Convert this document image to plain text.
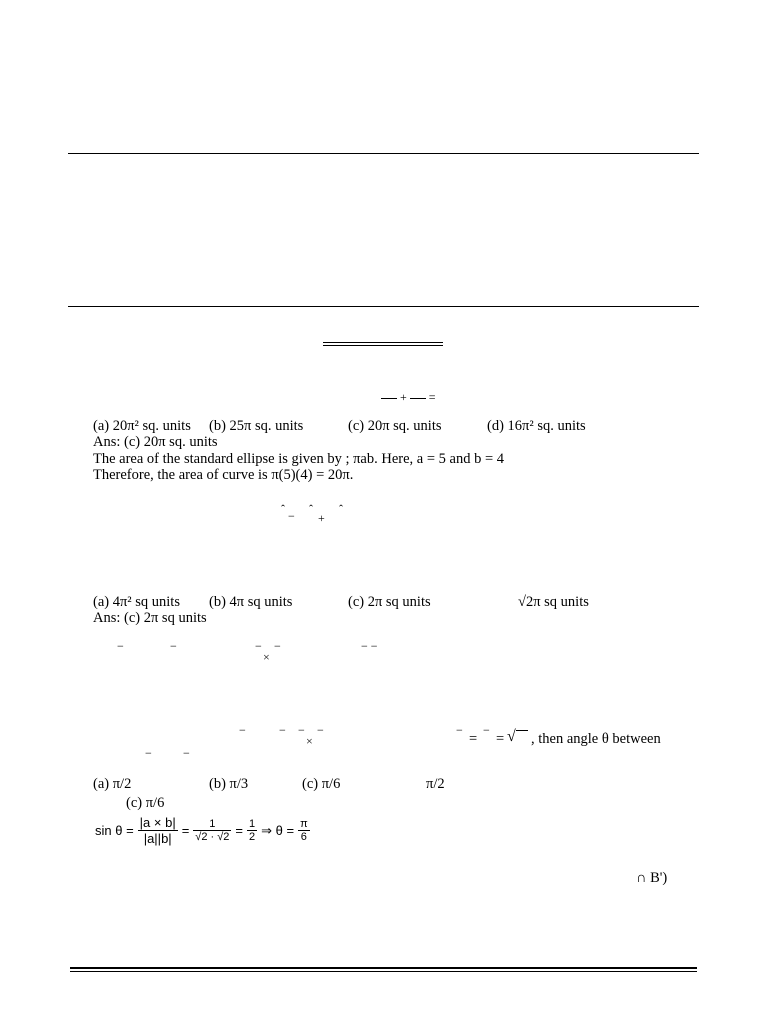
+ =
(a) 20π² sq. units (b) 25π sq. units	(c) 20π sq. units	(d) 16π² sq. units
Ans: (c) 20π sq. units
The area of the standard ellipse is given by ; πab. Here, a = 5 and b = 4
Therefore, the area of curve is π(5)(4) = 20π.
ˆ − ˆ
+
ˆ
(a) 4π² sq units (b) 4π sq units	(c) 2π sq units	√2π sq units
Ans: (c) 2π sq units
−	−	− −
×
− −
−	− − −
×
− −
= = √	, then angle θ between
−	−
(a) π/2	(b) π/3	(c) π/6	π/2
(c) π/6
$\sin \theta = \frac{|a \times b|}{|a||b|} = \frac{1}{√2 \cdot √2} = \frac{1}{2}$ ⇒ $\theta = \frac{\pi}{6}$
∩ B')
